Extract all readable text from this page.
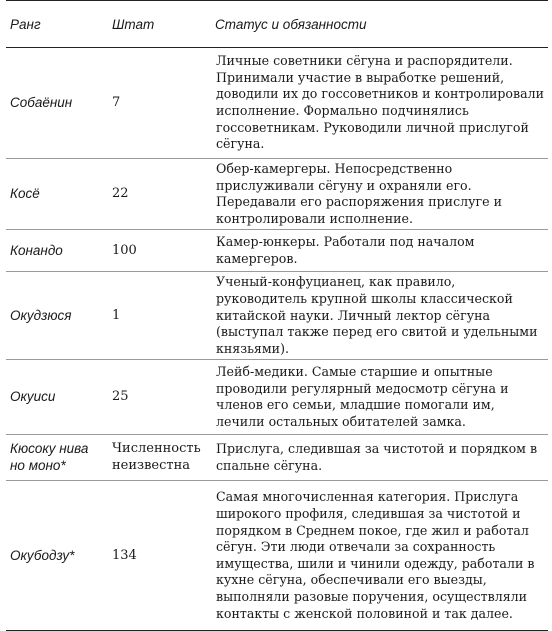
Ранг	Штат	Статус и обязанности
Собаёнин	7	Личные советники сёгуна и распорядители. Принимали участие в выработке решений, доводили их до госсоветников и контролировали исполнение. Формально подчинялись госсоветникам. Руководили личной прислугой сёгуна.
Косё	22	Обер-камергеры. Непосредственно прислуживали сёгуну и охраняли его. Передавали его распоряжения прислуге и контролировали исполнение.
Конандо	100	Камер-юнкеры. Работали под началом камергеров.
Окудзюся	1	Ученый-конфуцианец, как правило, руководитель крупной школы классической китайской науки. Личный лектор сёгуна (выступал также перед его свитой и удельными князьями).
Окуиси	25	Лейб-медики. Самые старшие и опытные проводили регулярный медосмотр сёгуна и членов его семьи, младшие помогали им, лечили остальных обитателей замка.
Кюсоку нива но моно*	Численность неизвестна	Прислуга, следившая за чистотой и порядком в спальне сёгуна.
Окубодзу*	134	Самая многочисленная категория. Прислуга широкого профиля, следившая за чистотой и порядком в Среднем покое, где жил и работал сёгун. Эти люди отвечали за сохранность имущества, шили и чинили одежду, работали в кухне сёгуна, обеспечивали его выезды, выполняли разовые поручения, осуществляли контакты с женской половиной и так далее.
